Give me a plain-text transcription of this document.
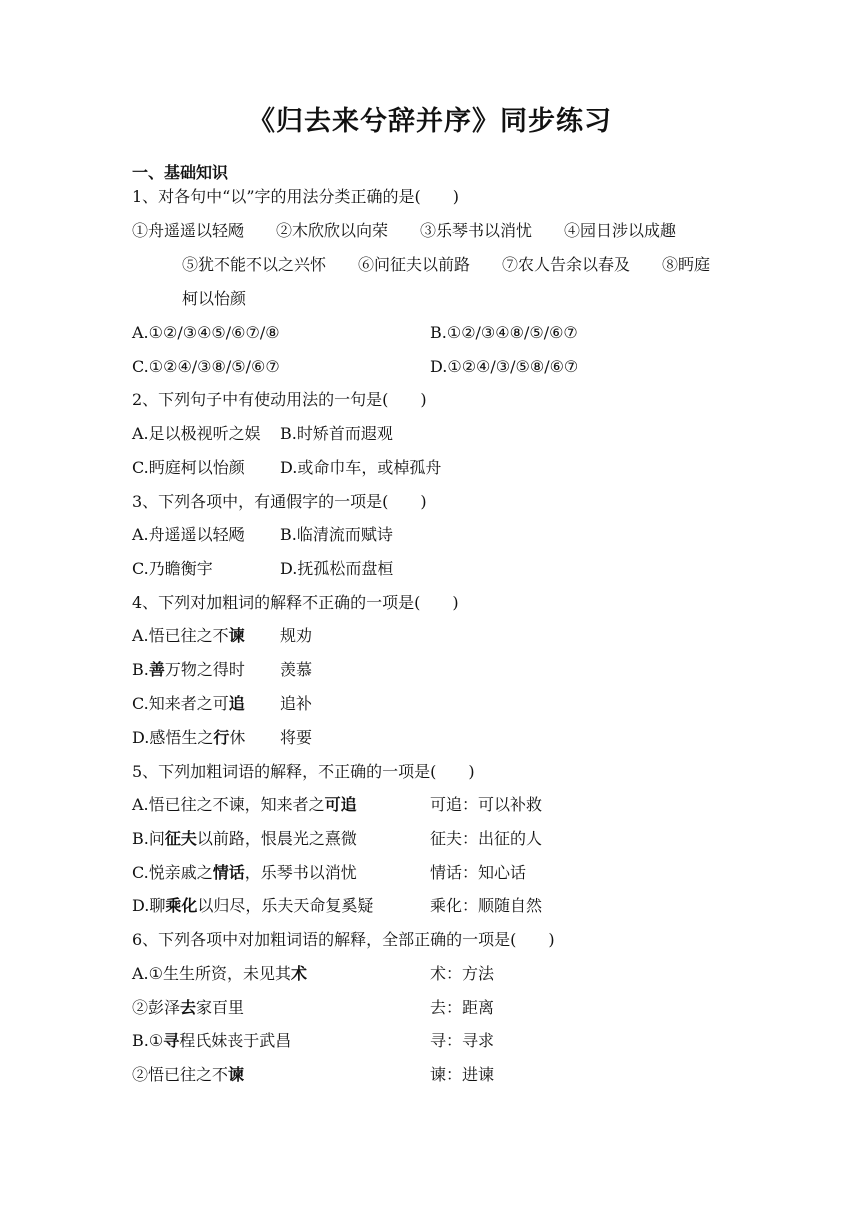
《归去来兮辞并序》同步练习
一、基础知识
1、对各句中“以”字的用法分类正确的是(　　)
①舟遥遥以轻飏　　②木欣欣以向荣　　③乐琴书以消忧　　④园日涉以成趣
⑤犹不能不以之兴怀　　⑥问征夫以前路　　⑦农人告余以春及　　⑧眄庭
柯以怡颜
A.①②/③④⑤/⑥⑦/⑧	B.①②/③④⑧/⑤/⑥⑦
C.①②④/③⑧/⑤/⑥⑦	D.①②④/③/⑤⑧/⑥⑦
2、下列句子中有使动用法的一句是(　　)
A.足以极视听之娱 B.时矫首而遐观
C.眄庭柯以怡颜 D.或命巾车，或棹孤舟
3、下列各项中，有通假字的一项是(　　)
A.舟遥遥以轻飏 B.临清流而赋诗
C.乃瞻衡宇	D.抚孤松而盘桓
4、下列对加粗词的解释不正确的一项是(　　)
A.悟已往之不谏 规劝
B.善万物之得时 羡慕
C.知来者之可追 追补
D.感悟生之行休 将要
5、下列加粗词语的解释，不正确的一项是(　　)
A.悟已往之不谏，知来者之可追	可追：可以补救
B.问征夫以前路，恨晨光之熹微	征夫：出征的人
C.悦亲戚之情话，乐琴书以消忧	情话：知心话
D.聊乘化以归尽，乐夫天命复奚疑	乘化：顺随自然
6、下列各项中对加粗词语的解释，全部正确的一项是(　　)
A.①生生所资，未见其术	术：方法
②彭泽去家百里	去：距离
B.①寻程氏妹丧于武昌	寻：寻求
②悟已往之不谏	谏：进谏
